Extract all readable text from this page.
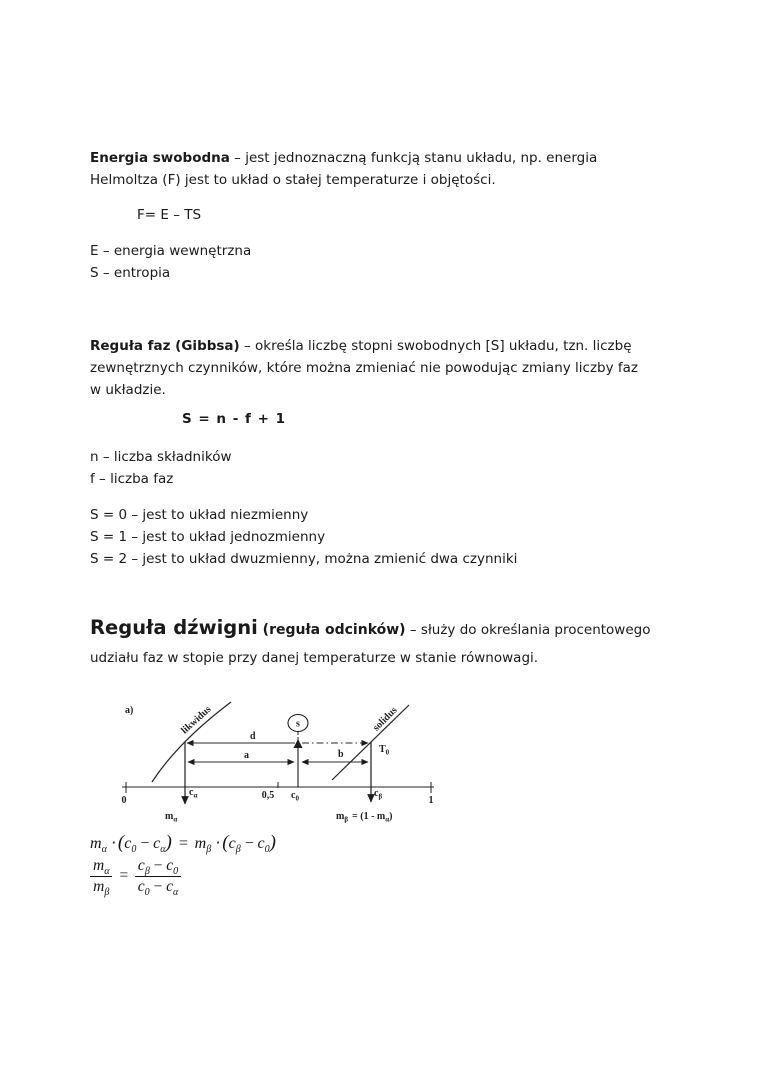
Energia swobodna – jest jednoznaczną funkcją stanu układu, np. energia
Helmoltza (F) jest to układ o stałej temperaturze i objętości.
F= E – TS
E – energia wewnętrzna
S – entropia
Reguła faz (Gibbsa) – określa liczbę stopni swobodnych [S] układu, tzn. liczbę
zewnętrznych czynników, które można zmieniać nie powodując zmiany liczby faz
w układzie.
S = n - f + 1
n – liczba składników
f – liczba faz
S = 0 – jest to układ niezmienny
S = 1 – jest to układ jednozmienny
S = 2 – jest to układ dwuzmienny, można zmienić dwa czynniki
Reguła dźwigni (reguła odcinków) – służy do określania procentowego
udziału faz w stopie przy danej temperaturze w stanie równowagi.
a)	likwidus	solidus
0	0,5	1
$c_\alpha$
$m_\alpha$
$c_\beta$
$m_\beta = (1 - m_\alpha)$
$T_0$
s
$c_0$
d
a	b
$m_\alpha \cdot (c_0 - c_\alpha) = m_\beta \cdot (c_\beta - c_0)$
$\frac{m_\alpha}{m_\beta} = \frac{c_\beta - c_0}{c_0 - c_\alpha}$
